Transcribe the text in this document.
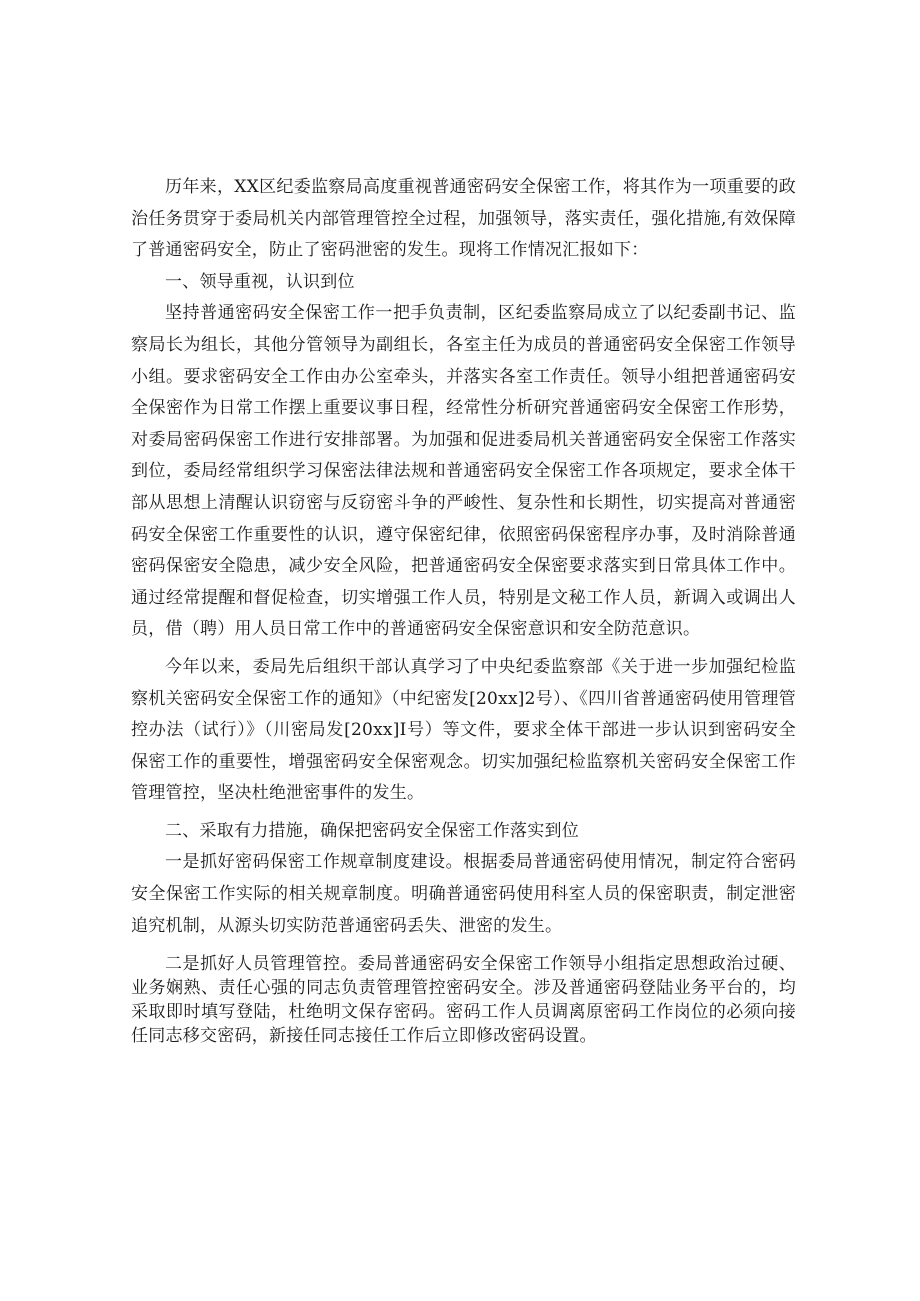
历年来，XX区纪委监察局高度重视普通密码安全保密工作，将其作为一项重要的政治任务贯穿于委局机关内部管理管控全过程，加强领导，落实责任，强化措施,有效保障了普通密码安全，防止了密码泄密的发生。现将工作情况汇报如下：

一、领导重视，认识到位

坚持普通密码安全保密工作一把手负责制，区纪委监察局成立了以纪委副书记、监察局长为组长，其他分管领导为副组长，各室主任为成员的普通密码安全保密工作领导小组。要求密码安全工作由办公室牵头，并落实各室工作责任。领导小组把普通密码安全保密作为日常工作摆上重要议事日程，经常性分析研究普通密码安全保密工作形势，对委局密码保密工作进行安排部署。为加强和促进委局机关普通密码安全保密工作落实到位，委局经常组织学习保密法律法规和普通密码安全保密工作各项规定，要求全体干部从思想上清醒认识窃密与反窃密斗争的严峻性、复杂性和长期性，切实提高对普通密码安全保密工作重要性的认识，遵守保密纪律，依照密码保密程序办事，及时消除普通密码保密安全隐患，减少安全风险，把普通密码安全保密要求落实到日常具体工作中。通过经常提醒和督促检查，切实增强工作人员，特别是文秘工作人员，新调入或调出人员，借（聘）用人员日常工作中的普通密码安全保密意识和安全防范意识。

今年以来，委局先后组织干部认真学习了中央纪委监察部《关于进一步加强纪检监察机关密码安全保密工作的通知》（中纪密发[20xx]2号）、《四川省普通密码使用管理管控办法（试行）》（川密局发[20xx]I号）等文件，要求全体干部进一步认识到密码安全保密工作的重要性，增强密码安全保密观念。切实加强纪检监察机关密码安全保密工作管理管控，坚决杜绝泄密事件的发生。

二、采取有力措施，确保把密码安全保密工作落实到位

一是抓好密码保密工作规章制度建设。根据委局普通密码使用情况，制定符合密码安全保密工作实际的相关规章制度。明确普通密码使用科室人员的保密职责，制定泄密追究机制，从源头切实防范普通密码丢失、泄密的发生。

二是抓好人员管理管控。委局普通密码安全保密工作领导小组指定思想政治过硬、业务娴熟、责任心强的同志负责管理管控密码安全。涉及普通密码登陆业务平台的，均采取即时填写登陆，杜绝明文保存密码。密码工作人员调离原密码工作岗位的必须向接任同志移交密码，新接任同志接任工作后立即修改密码设置。
